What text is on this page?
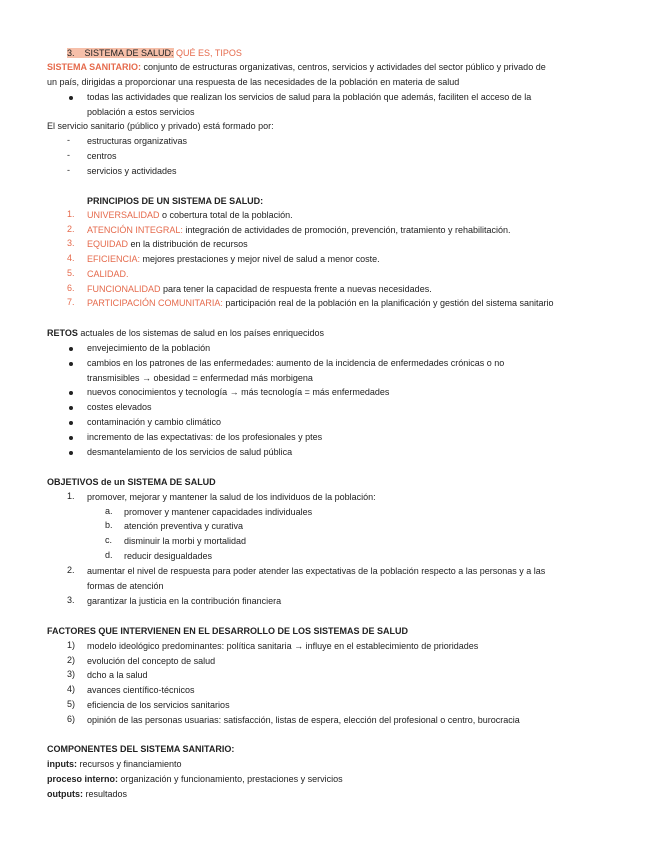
3. SISTEMA DE SALUD: QUÉ ES, TIPOS
SISTEMA SANITARIO: conjunto de estructuras organizativas, centros, servicios y actividades del sector público y privado de
un país, dirigidas a proporcionar una respuesta de las necesidades de la población en materia de salud
todas las actividades que realizan los servicios de salud para la población que además, faciliten el acceso de la
población a estos servicios
El servicio sanitario (público y privado) está formado por:
- estructuras organizativas
- centros
- servicios y actividades
PRINCIPIOS DE UN SISTEMA DE SALUD:
1. UNIVERSALIDAD o cobertura total de la población.
2. ATENCIÓN INTEGRAL: integración de actividades de promoción, prevención, tratamiento y rehabilitación.
3. EQUIDAD en la distribución de recursos
4. EFICIENCIA: mejores prestaciones y mejor nivel de salud a menor coste.
5. CALIDAD.
6. FUNCIONALIDAD para tener la capacidad de respuesta frente a nuevas necesidades.
7. PARTICIPACIÓN COMUNITARIA: participación real de la población en la planificación y gestión del sistema sanitario
RETOS actuales de los sistemas de salud en los países enriquecidos
envejecimiento de la población
cambios en los patrones de las enfermedades: aumento de la incidencia de enfermedades crónicas o no
transmisibles → obesidad = enfermedad más morbigena
nuevos conocimientos y tecnología → más tecnología = más enfermedades
costes elevados
contaminación y cambio climático
incremento de las expectativas: de los profesionales y ptes
desmantelamiento de los servicios de salud pública
OBJETIVOS de un SISTEMA DE SALUD
1. promover, mejorar y mantener la salud de los individuos de la población:
a. promover y mantener capacidades individuales
b. atención preventiva y curativa
c. disminuir la morbi y mortalidad
d. reducir desigualdades
2. aumentar el nivel de respuesta para poder atender las expectativas de la población respecto a las personas y a las
formas de atención
3. garantizar la justicia en la contribución financiera
FACTORES QUE INTERVIENEN EN EL DESARROLLO DE LOS SISTEMAS DE SALUD
1) modelo ideológico predominantes: política sanitaria → influye en el establecimiento de prioridades
2) evolución del concepto de salud
3) dcho a la salud
4) avances científico-técnicos
5) eficiencia de los servicios sanitarios
6) opinión de las personas usuarias: satisfacción, listas de espera, elección del profesional o centro, burocracia
COMPONENTES DEL SISTEMA SANITARIO:
inputs: recursos y financiamiento
proceso interno: organización y funcionamiento, prestaciones y servicios
outputs: resultados
